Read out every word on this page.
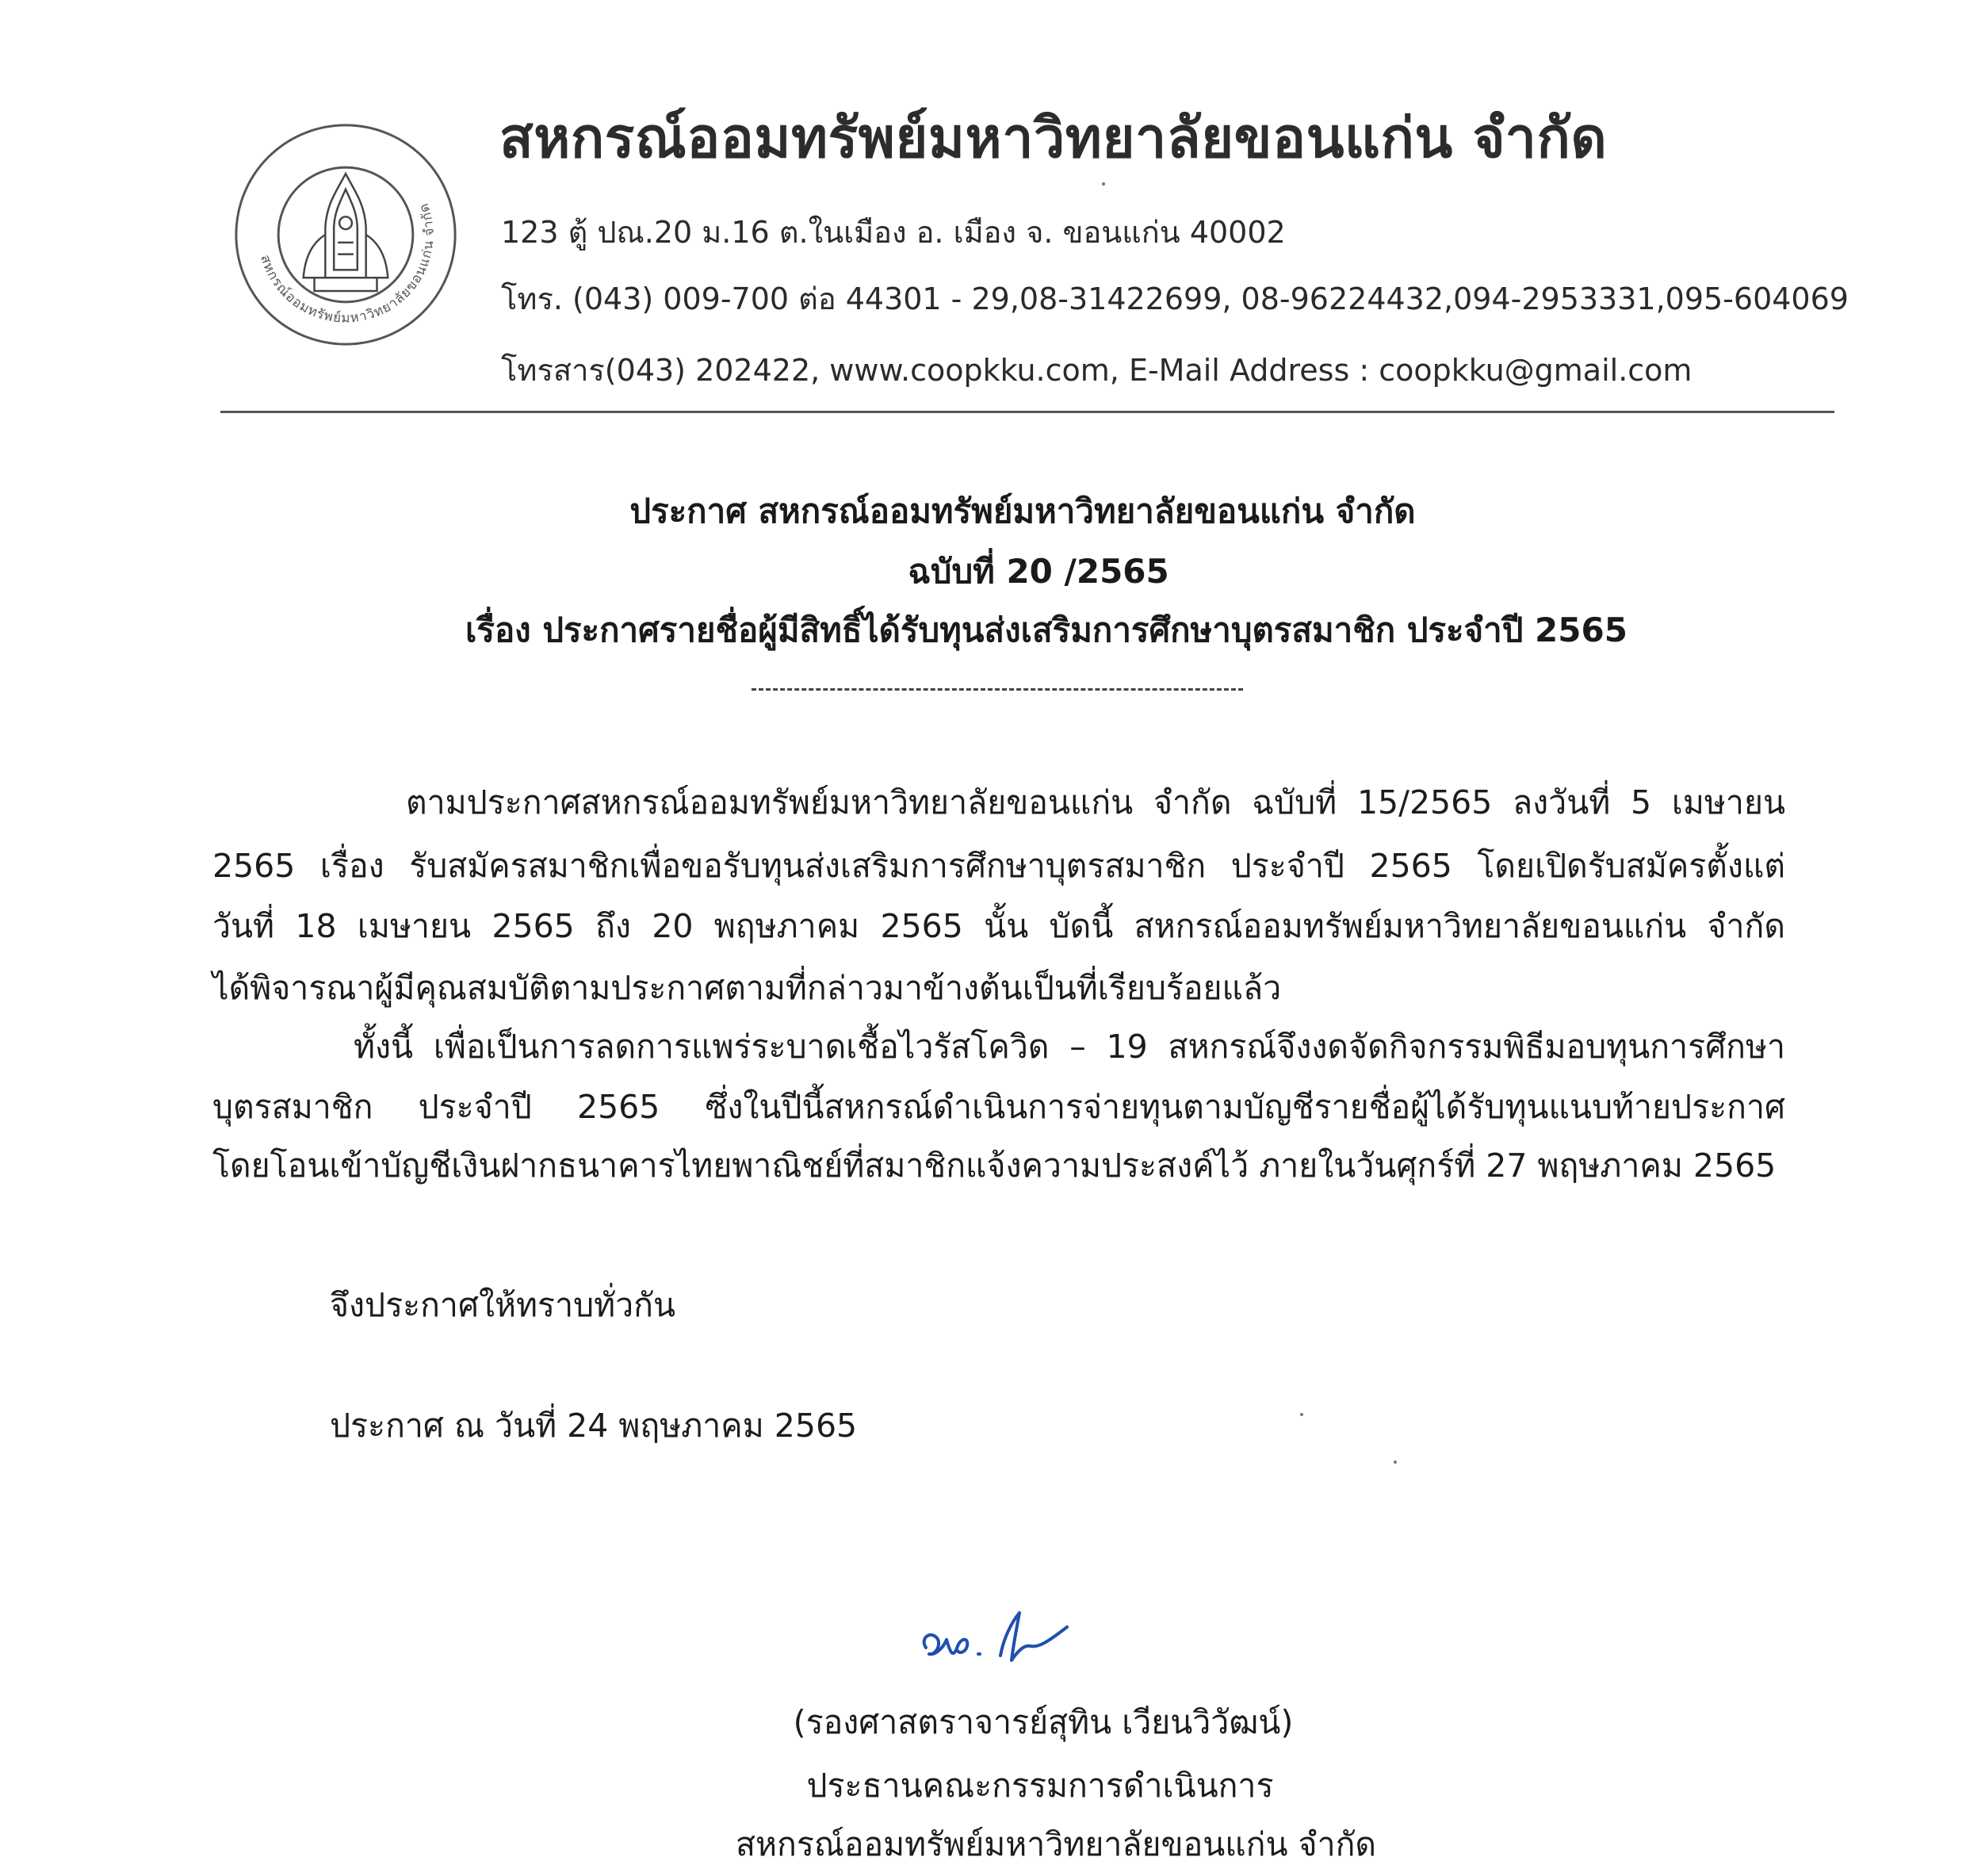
สหกรณ์ออมทรัพย์มหาวิทยาลัยขอนแก่น จำกัด
สหกรณ์ออมทรัพย์มหาวิทยาลัยขอนแก่น จำกัด
123 ตู้ ปณ.20 ม.16 ต.ในเมือง อ. เมือง จ. ขอนแก่น 40002
โทร. (043) 009-700 ต่อ 44301 - 29,08-31422699, 08-96224432,094-2953331,095-604069
โทรสาร(043) 202422, www.coopkku.com, E-Mail Address : coopkku@gmail.com
ประกาศ สหกรณ์ออมทรัพย์มหาวิทยาลัยขอนแก่น จำกัด
ฉบับที่ 20 /2565
เรื่อง ประกาศรายชื่อผู้มีสิทธิ์ได้รับทุนส่งเสริมการศึกษาบุตรสมาชิก ประจำปี 2565
ตามประกาศสหกรณ์ออมทรัพย์มหาวิทยาลัยขอนแก่น จำกัด ฉบับที่ 15/2565 ลงวันที่ 5 เมษายน
2565 เรื่อง รับสมัครสมาชิกเพื่อขอรับทุนส่งเสริมการศึกษาบุตรสมาชิก ประจำปี 2565 โดยเปิดรับสมัครตั้งแต่
วันที่ 18 เมษายน 2565 ถึง 20 พฤษภาคม 2565 นั้น บัดนี้ สหกรณ์ออมทรัพย์มหาวิทยาลัยขอนแก่น จำกัด
ได้พิจารณาผู้มีคุณสมบัติตามประกาศตามที่กล่าวมาข้างต้นเป็นที่เรียบร้อยแล้ว
ทั้งนี้ เพื่อเป็นการลดการแพร่ระบาดเชื้อไวรัสโควิด – 19 สหกรณ์จึงงดจัดกิจกรรมพิธีมอบทุนการศึกษา
บุตรสมาชิก ประจำปี 2565 ซึ่งในปีนี้สหกรณ์ดำเนินการจ่ายทุนตามบัญชีรายชื่อผู้ได้รับทุนแนบท้ายประกาศ
โดยโอนเข้าบัญชีเงินฝากธนาคารไทยพาณิชย์ที่สมาชิกแจ้งความประสงค์ไว้ ภายในวันศุกร์ที่ 27 พฤษภาคม 2565
จึงประกาศให้ทราบทั่วกัน
ประกาศ ณ วันที่ 24 พฤษภาคม 2565
(รองศาสตราจารย์สุทิน เวียนวิวัฒน์)
ประธานคณะกรรมการดำเนินการ
สหกรณ์ออมทรัพย์มหาวิทยาลัยขอนแก่น จำกัด
